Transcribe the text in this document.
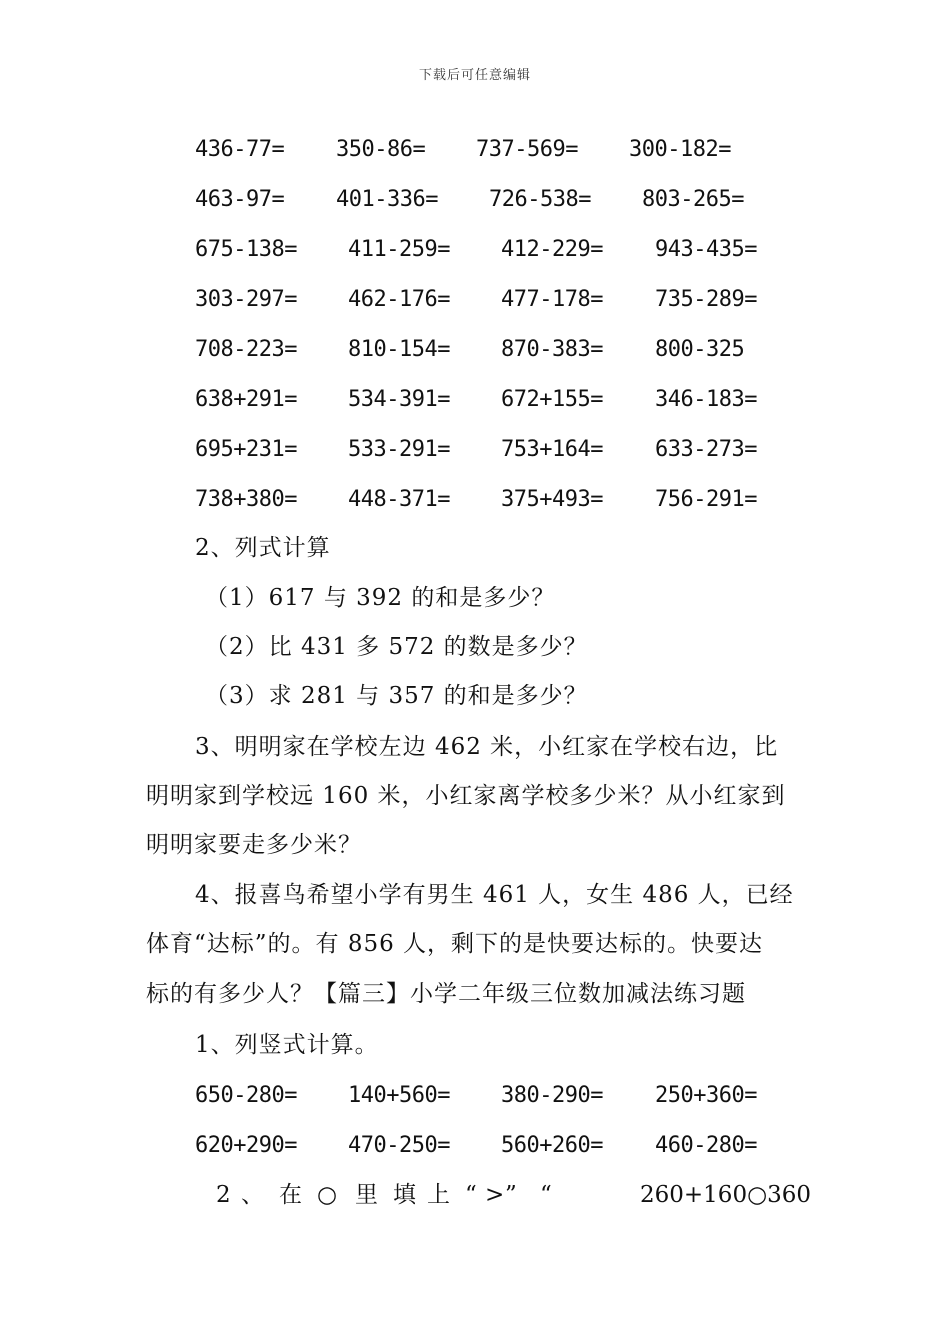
下载后可任意编辑
436-77= 350-86= 737-569= 300-182=
463-97= 401-336= 726-538= 803-265=
675-138= 411-259= 412-229= 943-435=
303-297= 462-176= 477-178= 735-289=
708-223= 810-154= 870-383= 800-325
638+291= 534-391= 672+155= 346-183=
695+231= 533-291= 753+164= 633-273=
738+380= 448-371= 375+493= 756-291=
2、列式计算
（1）617 与 392 的和是多少？
（2）比 431 多 572 的数是多少？
（3）求 281 与 357 的和是多少？
3、明明家在学校左边 462 米，小红家在学校右边，比
明明家到学校远 160 米，小红家离学校多少米？从小红家到
明明家要走多少米？
4、报喜鸟希望小学有男生 461 人，女生 486 人，已经
体育“达标”的。有 856 人，剩下的是快要达标的。快要达
标的有多少人？【篇三】小学二年级三位数加减法练习题
1、列竖式计算。
650-280= 140+560= 380-290= 250+360=
620+290= 470-250= 560+260= 460-280=
2 、 在 ○ 里 填 上 “ > ” “	260+160○360
